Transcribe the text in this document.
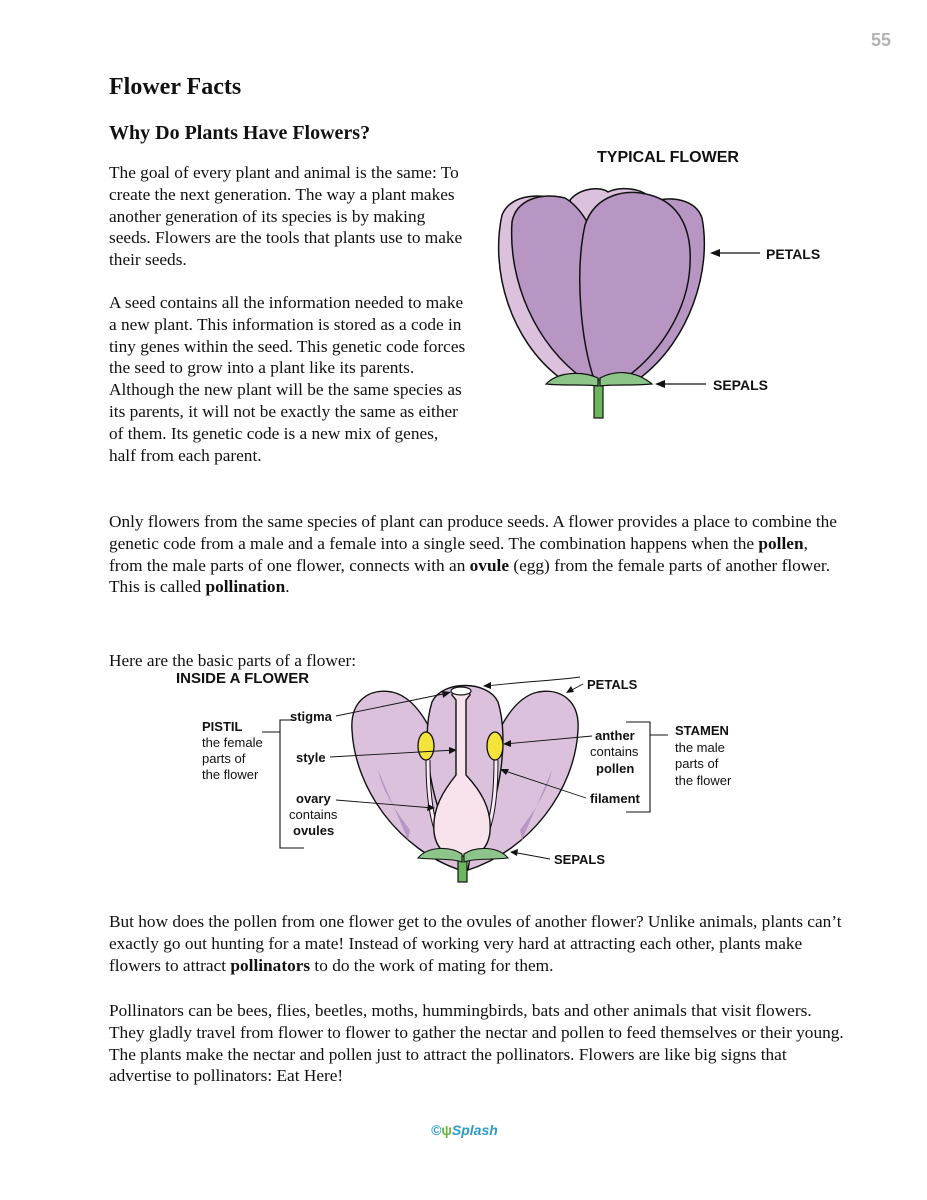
55
Flower Facts
Why Do Plants Have Flowers?

The goal of every plant and animal is the same: To create the next generation. The way a plant makes another generation of its species is by making seeds. Flowers are the tools that plants use to make their seeds.

A seed contains all the information needed to make a new plant. This information is stored as a code in tiny genes within the seed. This genetic code forces the seed to grow into a plant like its parents. Although the new plant will be the same species as its parents, it will not be exactly the same as either of them. Its genetic code is a new mix of genes, half from each parent.

Only flowers from the same species of plant can produce seeds. A flower provides a place to combine the genetic code from a male and a female into a single seed. The combination happens when the pollen, from the male parts of one flower, connects with an ovule (egg) from the female parts of another flower. This is called pollination.

Here are the basic parts of a flower:

But how does the pollen from one flower get to the ovules of another flower? Unlike animals, plants can’t exactly go out hunting for a mate! Instead of working very hard at attracting each other, plants make flowers to attract pollinators to do the work of mating for them.

Pollinators can be bees, flies, beetles, moths, hummingbirds, bats and other animals that visit flowers. They gladly travel from flower to flower to gather the nectar and pollen to feed themselves or their young. The plants make the nectar and pollen just to attract the pollinators. Flowers are like big signs that advertise to pollinators: Eat Here!

TYPICAL FLOWER
PETALS
SEPALS
INSIDE A FLOWER
PISTIL
the female
parts of
the flower
STAMEN
the male
parts of
the flower
stigma
style
ovary
contains
ovules
PETALS
anther
contains
pollen
filament
SEPALS
©ψSplash
